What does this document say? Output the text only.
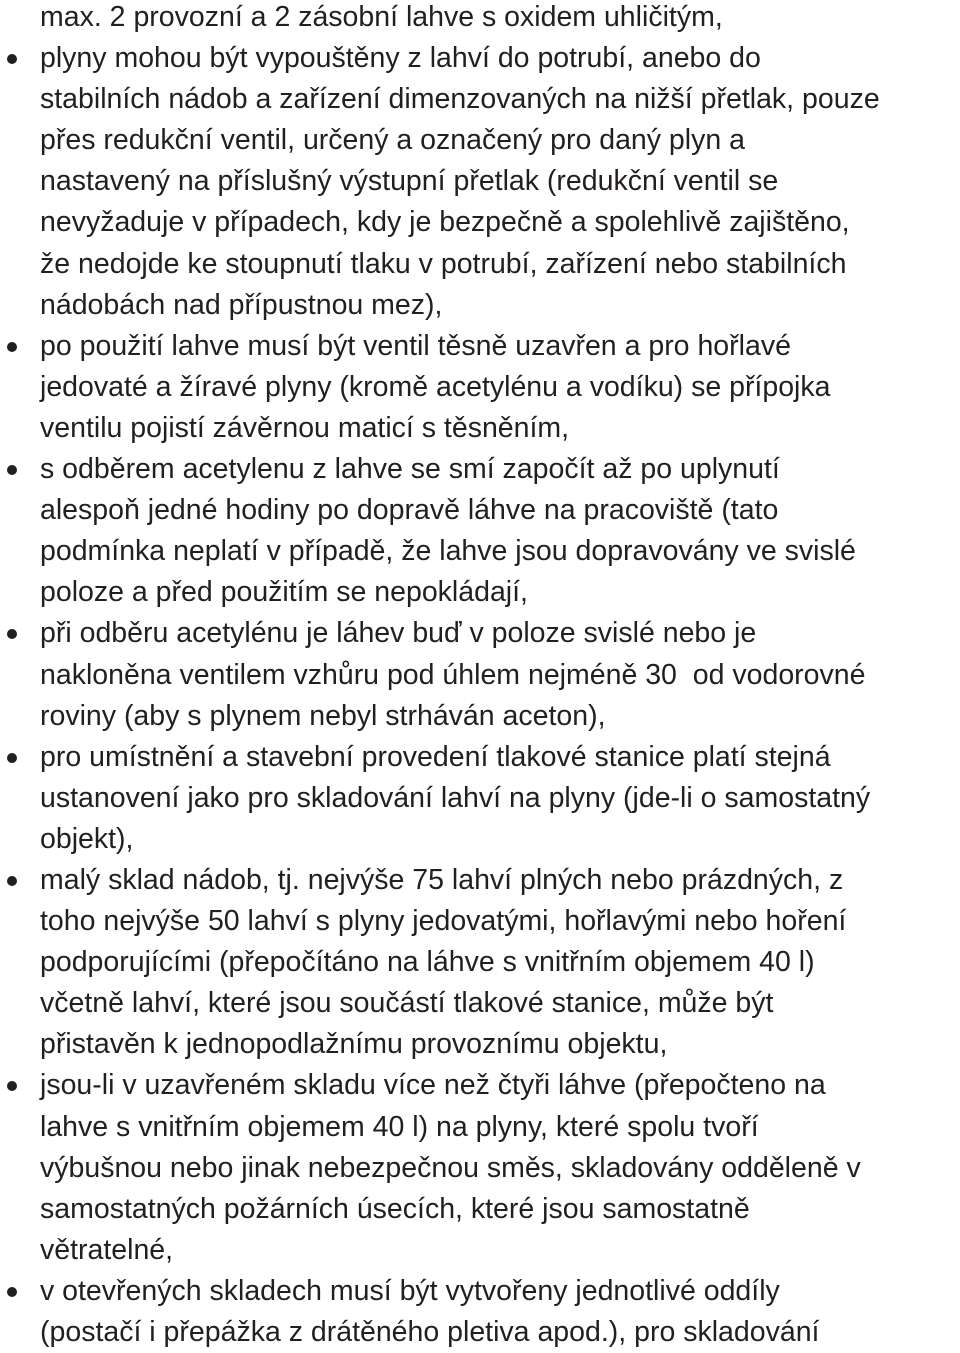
max. 2 provozní a 2 zásobní lahve s oxidem uhličitým,
plyny mohou být vypouštěny z lahví do potrubí, anebo do
stabilních nádob a zařízení dimenzovaných na nižší přetlak, pouze
přes redukční ventil, určený a označený pro daný plyn a
nastavený na příslušný výstupní přetlak (redukční ventil se
nevyžaduje v případech, kdy je bezpečně a spolehlivě zajištěno,
že nedojde ke stoupnutí tlaku v potrubí, zařízení nebo stabilních
nádobách nad přípustnou mez),
po použití lahve musí být ventil těsně uzavřen a pro hořlavé
jedovaté a žíravé plyny (kromě acetylénu a vodíku) se přípojka
ventilu pojistí závěrnou maticí s těsněním,
s odběrem acetylenu z lahve se smí započít až po uplynutí
alespoň jedné hodiny po dopravě láhve na pracoviště (tato
podmínka neplatí v případě, že lahve jsou dopravovány ve svislé
poloze a před použitím se nepokládají,
při odběru acetylénu je láhev buď v poloze svislé nebo je
nakloněna ventilem vzhůru pod úhlem nejméně 30  od vodorovné
roviny (aby s plynem nebyl strháván aceton),
pro umístnění a stavební provedení tlakové stanice platí stejná
ustanovení jako pro skladování lahví na plyny (jde-li o samostatný
objekt),
malý sklad nádob, tj. nejvýše 75 lahví plných nebo prázdných, z
toho nejvýše 50 lahví s plyny jedovatými, hořlavými nebo hoření
podporujícími (přepočítáno na láhve s vnitřním objemem 40 l)
včetně lahví, které jsou součástí tlakové stanice, může být
přistavěn k jednopodlažnímu provoznímu objektu,
jsou-li v uzavřeném skladu více než čtyři láhve (přepočteno na
lahve s vnitřním objemem 40 l) na plyny, které spolu tvoří
výbušnou nebo jinak nebezpečnou směs, skladovány odděleně v
samostatných požárních úsecích, které jsou samostatně
větratelné,
v otevřených skladech musí být vytvořeny jednotlivé oddíly
(postačí i přepážka z drátěného pletiva apod.), pro skladování
